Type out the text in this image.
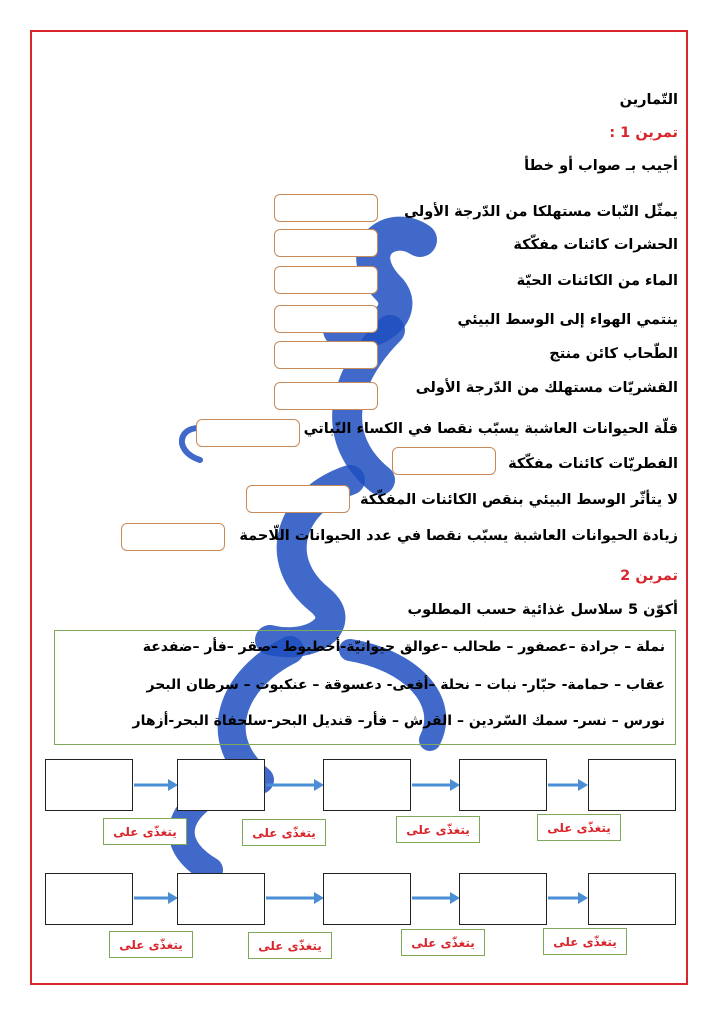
التّمارين
تمرين 1 :
أجيب بـ صواب أو خطأ
يمثّل النّبات مستهلكا من الدّرجة الأولى
الحشرات كائنات مفكّكة
الماء من الكائنات الحيّة
ينتمي الهواء إلى الوسط البيئي
الطّحاب كائن منتج
القشريّات مستهلك من الدّرجة الأولى
قلّة الحيوانات العاشبة يسبّب نقصا في الكساء النّباتي
الفطريّات كائنات مفكّكة
لا يتأثّر الوسط البيئي بنقص الكائنات المفكّكة
زيادة الحيوانات العاشبة يسبّب نقصا في عدد الحيوانات اللّاحمة
تمرين 2
أكوّن 5 سلاسل غذائية حسب المطلوب
نملة – جرادة –عصفور – طحالب –عوالق حيوانيّة-أخطبوط –صقر –فأر –ضفدعة
عقاب – حمامة- حبّار- نبات – نحلة –أفعى- دعسوقة – عنكبوت – سرطان البحر
نورس – نسر- سمك السّردين – القرش – فأر– قنديل البحر-سلحفاة البحر-أزهار
يتغذّى على	يتغذّى على	يتغذّى على	يتغذّى على
يتغذّى على	يتغذّى على	يتغذّى على	يتغذّى على
